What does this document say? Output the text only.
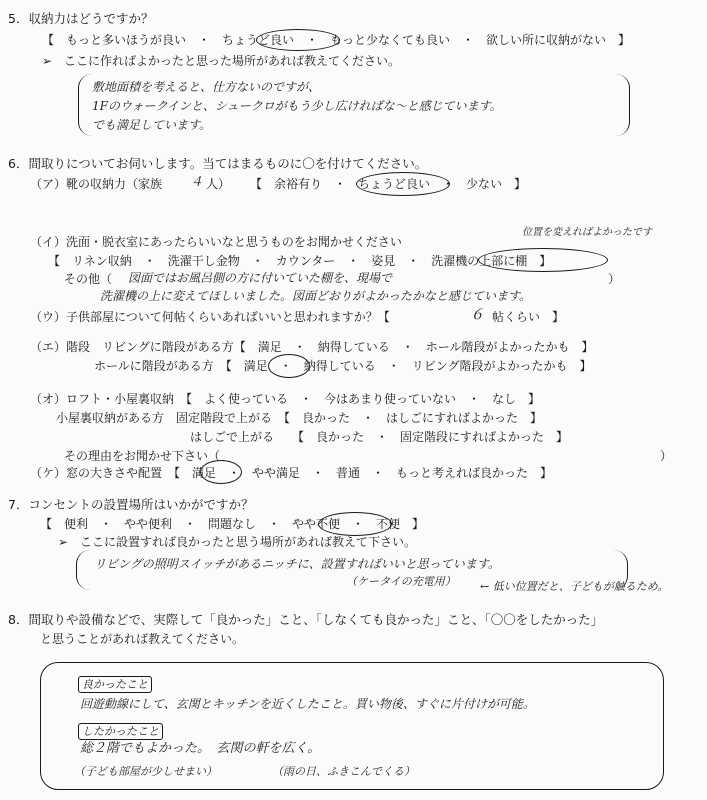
5．収納力はどうですか？
【　もっと多いほうが良い　・　ちょうど良い　・　もっと少なくても良い　・　欲しい所に収納がない　】
➢　ここに作ればよかったと思った場所があれば教えてください。
敷地面積を考えると、仕方ないのですが、
1Fのウォークインと、シュークロがもう少し広ければな～と感じています。
でも満足しています。
6．間取りについてお伺いします。当てはまるものに〇を付けてください。
（ア）靴の収納力（家族 ４ 人） 【　余裕有り　・　ちょうど良い　・　少ない　】
位置を変えればよかったです
（イ）洗面・脱衣室にあったらいいなと思うものをお聞かせください
【　リネン収納　・　洗濯干し金物　・　カウンター　・　姿見　・　洗濯機の上部に棚　】
その他（ 図面ではお風呂側の方に付いていた棚を、現場で	）
洗濯機の上に変えてほしいました。図面どおりがよかったかなと感じています。
（ウ）子供部屋について何帖くらいあればいいと思われますか？【	６ 帖くらい　】
（エ）階段　リビングに階段がある方【　満足　・　納得している　・　ホール階段がよかったかも　】
ホールに階段がある方　【　満足　・　納得している　・　リビング階段がよかったかも　】
（オ）ロフト・小屋裏収納　【　よく使っている　・　今はあまり使っていない　・　なし　】
小屋裏収納がある方　固定階段で上がる　【　良かった　・　はしごにすればよかった　】
はしごで上がる　　【　良かった　・　固定階段にすればよかった　】
その理由をお聞かせ下さい（	）
（ケ）窓の大きさや配置　【　満足　・　やや満足　・　普通　・　もっと考えれば良かった　】
7．コンセントの設置場所はいかがですか？
【　便利　・　やや便利　・　問題なし　・　やや不便　・　不便　】
➢　ここに設置すれば良かったと思う場所があれば教えて下さい。
リビングの照明スイッチがあるニッチに、設置すればいいと思っています。
（ケータイの充電用） ← 低い位置だと、子どもが触るため。
8．間取りや設備などで、実際して「良かった」こと、「しなくても良かった」こと、「〇〇をしたかった」
と思うことがあれば教えてください。
良かったこと
回遊動線にして、玄関とキッチンを近くしたこと。買い物後、すぐに片付けが可能。
したかったこと
総２階でもよかった。　玄関の軒を広く。
（子ども部屋が少しせまい）	（雨の日、ふきこんでくる）
